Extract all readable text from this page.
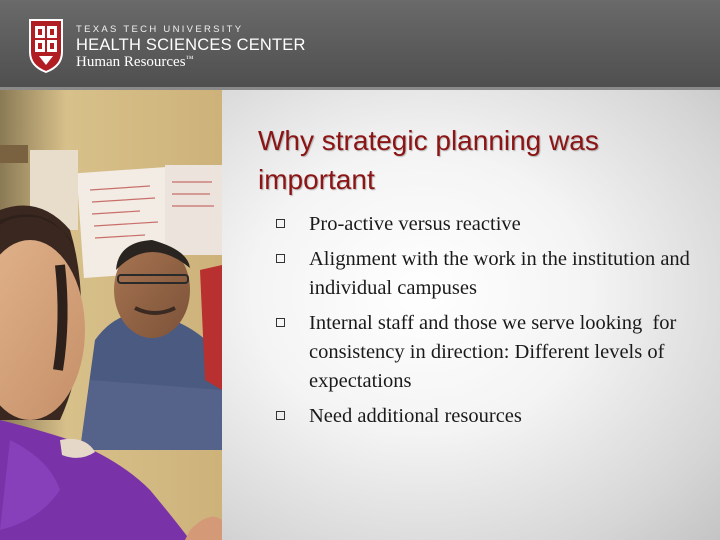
TEXAS TECH UNIVERSITY
HEALTH SCIENCES CENTER
Human Resources™
Why strategic planning was important
Pro-active versus reactive
Alignment with the work in the institution and individual campuses
Internal staff and those we serve looking  for consistency in direction: Different levels of expectations
Need additional resources
